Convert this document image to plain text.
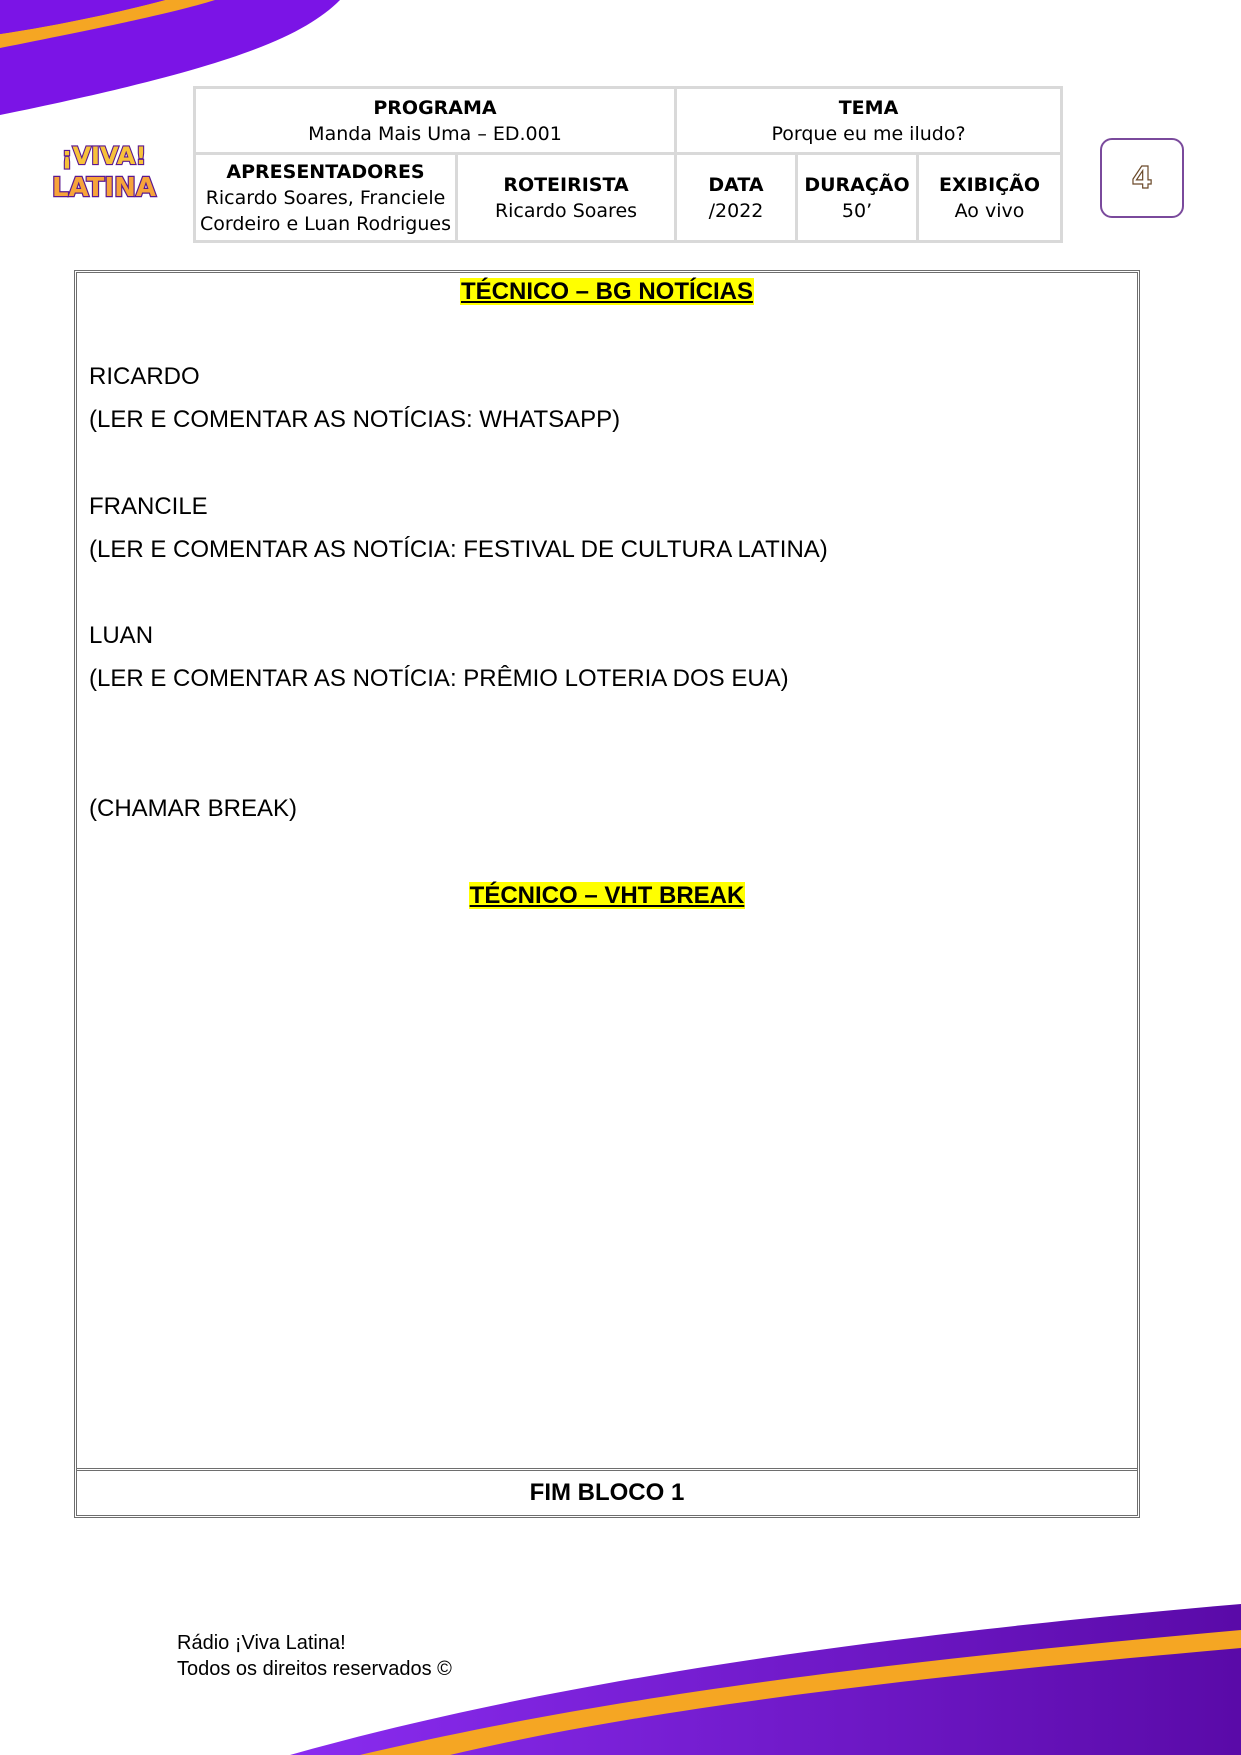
¡VIVA!
LATINA
PROGRAMA
Manda Mais Uma – ED.001
TEMA
Porque eu me iludo?
APRESENTADORES
Ricardo Soares, Franciele
Cordeiro e Luan Rodrigues
ROTEIRISTA
Ricardo Soares
DATA
/2022
DURAÇÃO
50’
EXIBIÇÃO
Ao vivo
4
TÉCNICO – BG NOTÍCIAS
RICARDO
(LER E COMENTAR AS NOTÍCIAS: WHATSAPP)
FRANCILE
(LER E COMENTAR AS NOTÍCIA: FESTIVAL DE CULTURA LATINA)
LUAN
(LER E COMENTAR AS NOTÍCIA: PRÊMIO LOTERIA DOS EUA)
(CHAMAR BREAK)
TÉCNICO – VHT BREAK
FIM BLOCO 1
Rádio ¡Viva Latina!
Todos os direitos reservados ©
